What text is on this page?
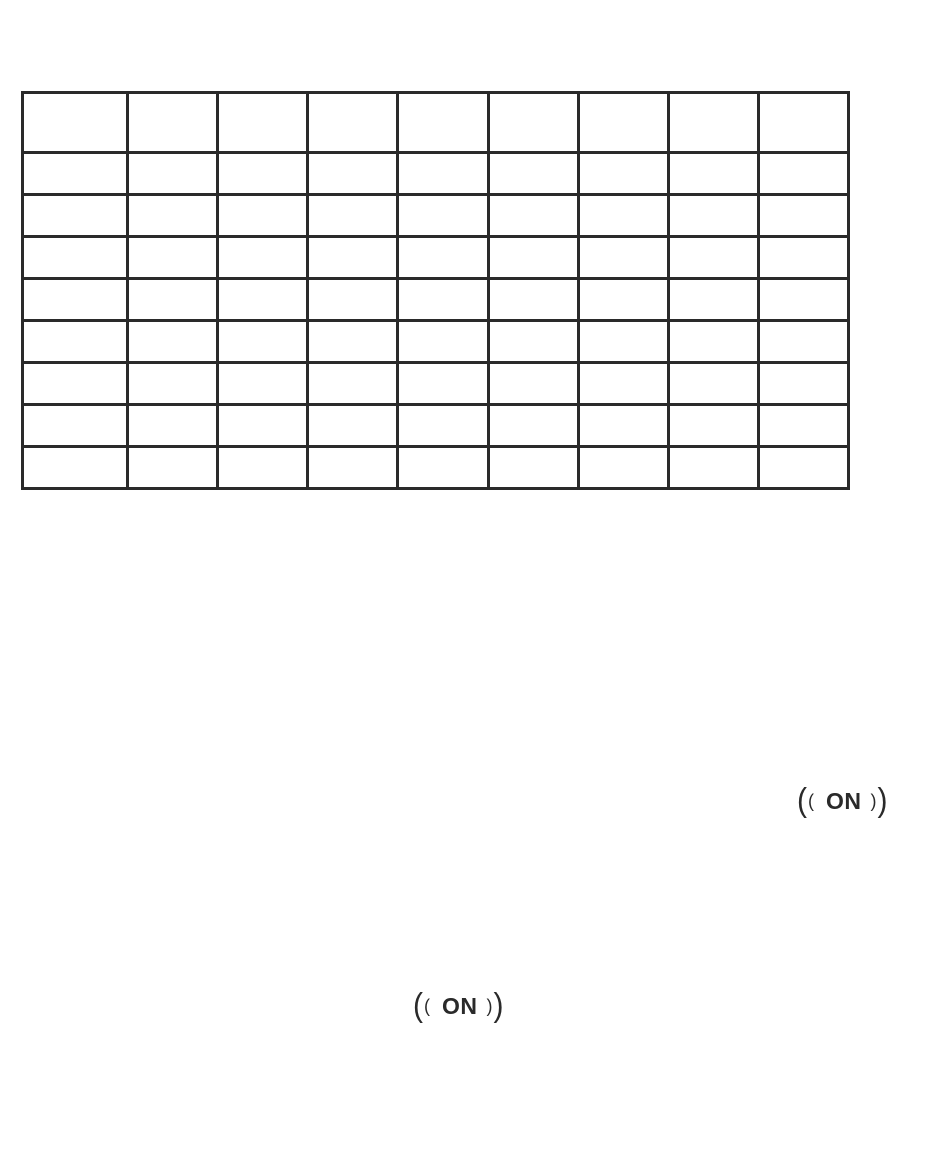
( ( ON ) )
( ( ON ) )
